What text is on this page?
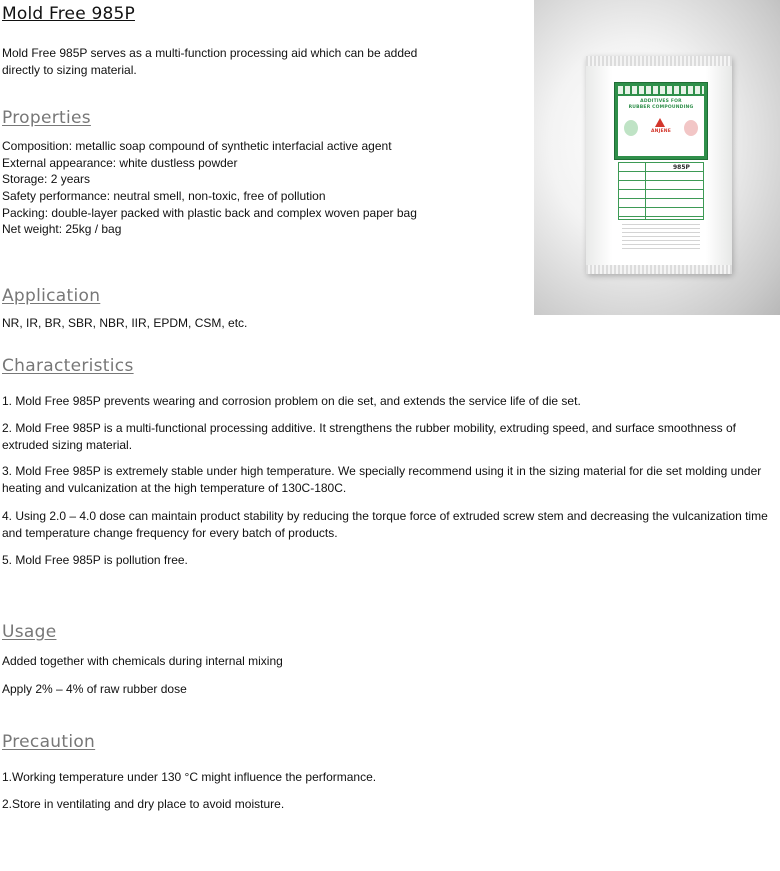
Mold Free 985P
Mold Free 985P serves as a multi-function processing aid which can be added
directly to sizing material.
Properties
Composition: metallic soap compound of synthetic interfacial active agent
External appearance: white dustless powder
Storage: 2 years
Safety performance: neutral smell, non-toxic, free of pollution
Packing: double-layer packed with plastic back and complex woven paper bag
Net weight: 25kg / bag
Application
NR, IR, BR, SBR, NBR, IIR, EPDM, CSM, etc.
Characteristics
1. Mold Free 985P prevents wearing and corrosion problem on die set, and extends the service life of die set.
2. Mold Free 985P is a multi-functional processing additive. It strengthens the rubber mobility, extruding speed, and surface smoothness of extruded sizing material.
3. Mold Free 985P is extremely stable under high temperature. We specially recommend using it in the sizing material for die set molding under heating and vulcanization at the high temperature of 130C-180C.
4. Using 2.0 – 4.0 dose can maintain product stability by reducing the torque force of extruded screw stem and decreasing the vulcanization time and temperature change frequency for every batch of products.
5. Mold Free 985P is pollution free.
Usage
Added together with chemicals during internal mixing
Apply 2% – 4% of raw rubber dose
Precaution
1.Working temperature under 130 °C might influence the performance.
2.Store in ventilating and dry place to avoid moisture.
ADDITIVES FOR
RUBBER COMPOUNDING
ANJENE
985P
